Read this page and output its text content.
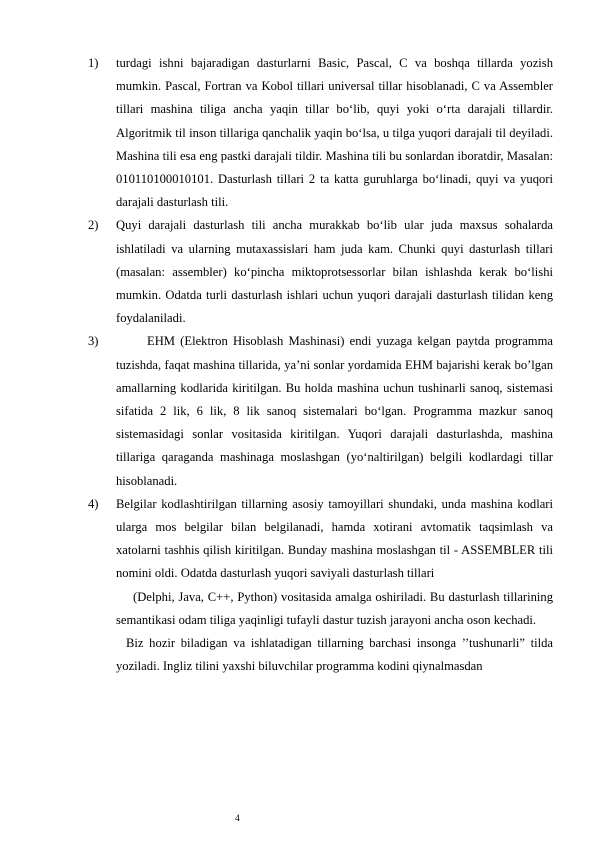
1) turdagi ishni bajaradigan dasturlarni Basic, Pascal, C va boshqa tillarda yozish mumkin. Pascal, Fortran va Kobol tillari universal tillar hisoblanadi, C va Assembler tillari mashina tiliga ancha yaqin tillar bo‘lib, quyi yoki o‘rta darajali tillardir. Algoritmik til inson tillariga qanchalik yaqin bo‘lsa, u tilga yuqori darajali til deyiladi. Mashina tili esa eng pastki darajali tildir. Mashina tili bu sonlardan iboratdir, Masalan: 010110100010101. Dasturlash tillari 2 ta katta guruhlarga bo‘linadi, quyi va yuqori darajali dasturlash tili.
2) Quyi darajali dasturlash tili ancha murakkab bo‘lib ular juda maxsus sohalarda ishlatiladi va ularning mutaxassislari ham juda kam. Chunki quyi dasturlash tillari (masalan: assembler) ko‘pincha miktoprotsessorlar bilan ishlashda kerak bo‘lishi mumkin. Odatda turli dasturlash ishlari uchun yuqori darajali dasturlash tilidan keng foydalaniladi.
3)	EHM (Elektron Hisoblash Mashinasi) endi yuzaga kelgan paytda programma tuzishda, faqat mashina tillarida, ya’ni sonlar yordamida EHM bajarishi kerak bo’lgan amallarning kodlarida kiritilgan. Bu holda mashina uchun tushinarli sanoq, sistemasi sifatida 2 lik, 6 lik, 8 lik sanoq sistemalari bo‘lgan. Programma mazkur sanoq sistemasidagi sonlar vositasida kiritilgan. Yuqori darajali dasturlashda, mashina tillariga qaraganda mashinaga moslashgan (yo‘naltirilgan) belgili kodlardagi tillar hisoblanadi.
4) Belgilar kodlashtirilgan tillarning asosiy tamoyillari shundaki, unda mashina kodlari ularga mos belgilar bilan belgilanadi, hamda xotirani avtomatik taqsimlash va xatolarni tashhis qilish kiritilgan. Bunday mashina moslashgan til - ASSEMBLER tili nomini oldi. Odatda dasturlash yuqori saviyali dasturlash tillari

(Delphi, Java, C++, Python) vositasida amalga oshiriladi. Bu dasturlash tillarining semantikasi odam tiliga yaqinligi tufayli dastur tuzish jarayoni ancha oson kechadi.

Biz hozir biladigan va ishlatadigan tillarning barchasi insonga ’’tushunarli” tilda yoziladi. Ingliz tilini yaxshi biluvchilar programma kodini qiynalmasdan

4
